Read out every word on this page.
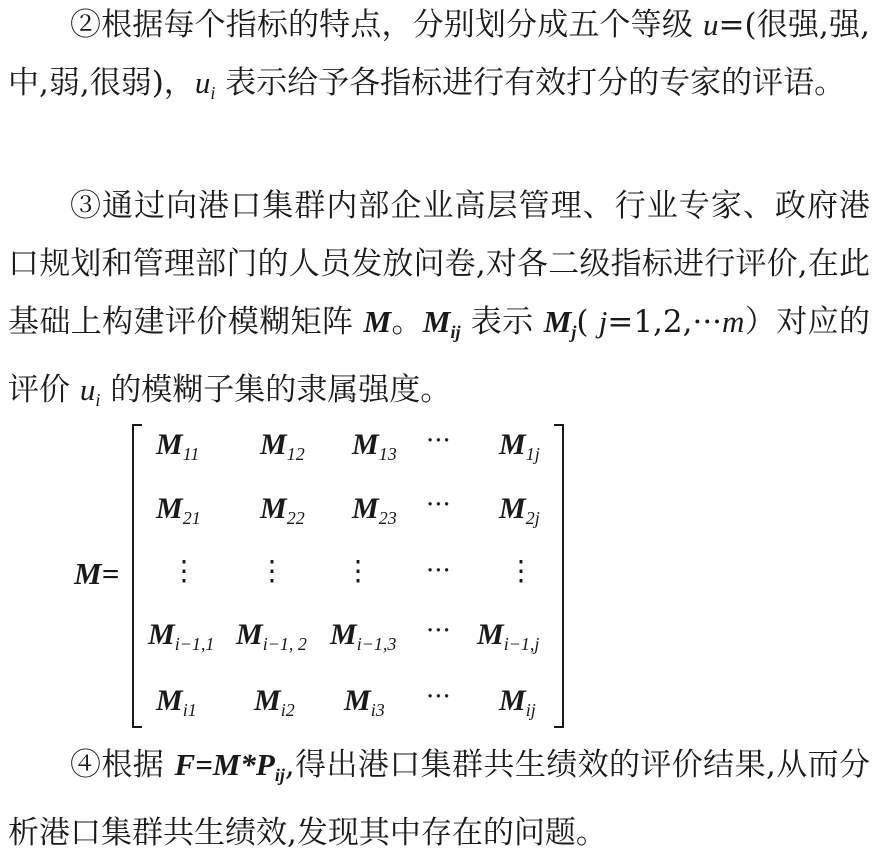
②根据每个指标的特点，分别划分成五个等级 u=(很强,强,中,弱,很弱)，$u_i$ 表示给予各指标进行有效打分的专家的评语。
③通过向港口集群内部企业高层管理、行业专家、政府港口规划和管理部门的人员发放问卷,对各二级指标进行评价,在此基础上构建评价模糊矩阵 M。$M_{ij}$ 表示 $M_j$( j=1,2,···m）对应的评价 $u_i$ 的模糊子集的隶属强度。
M=
$M_{11}$ $M_{12}$ $M_{13}$ ··· $M_{1j}$
$M_{21}$ $M_{22}$ $M_{23}$ ··· $M_{2j}$
⋮ ⋮ ⋮ ··· ⋮
$M_{i-1,1}$ $M_{i-1, 2}$ $M_{i-1,3}$ ··· $M_{i-1,j}$
$M_{i1}$ $M_{i2}$ $M_{i3}$ ··· $M_{ij}$
④根据 $F=M*P_{ij}$,得出港口集群共生绩效的评价结果,从而分析港口集群共生绩效,发现其中存在的问题。
